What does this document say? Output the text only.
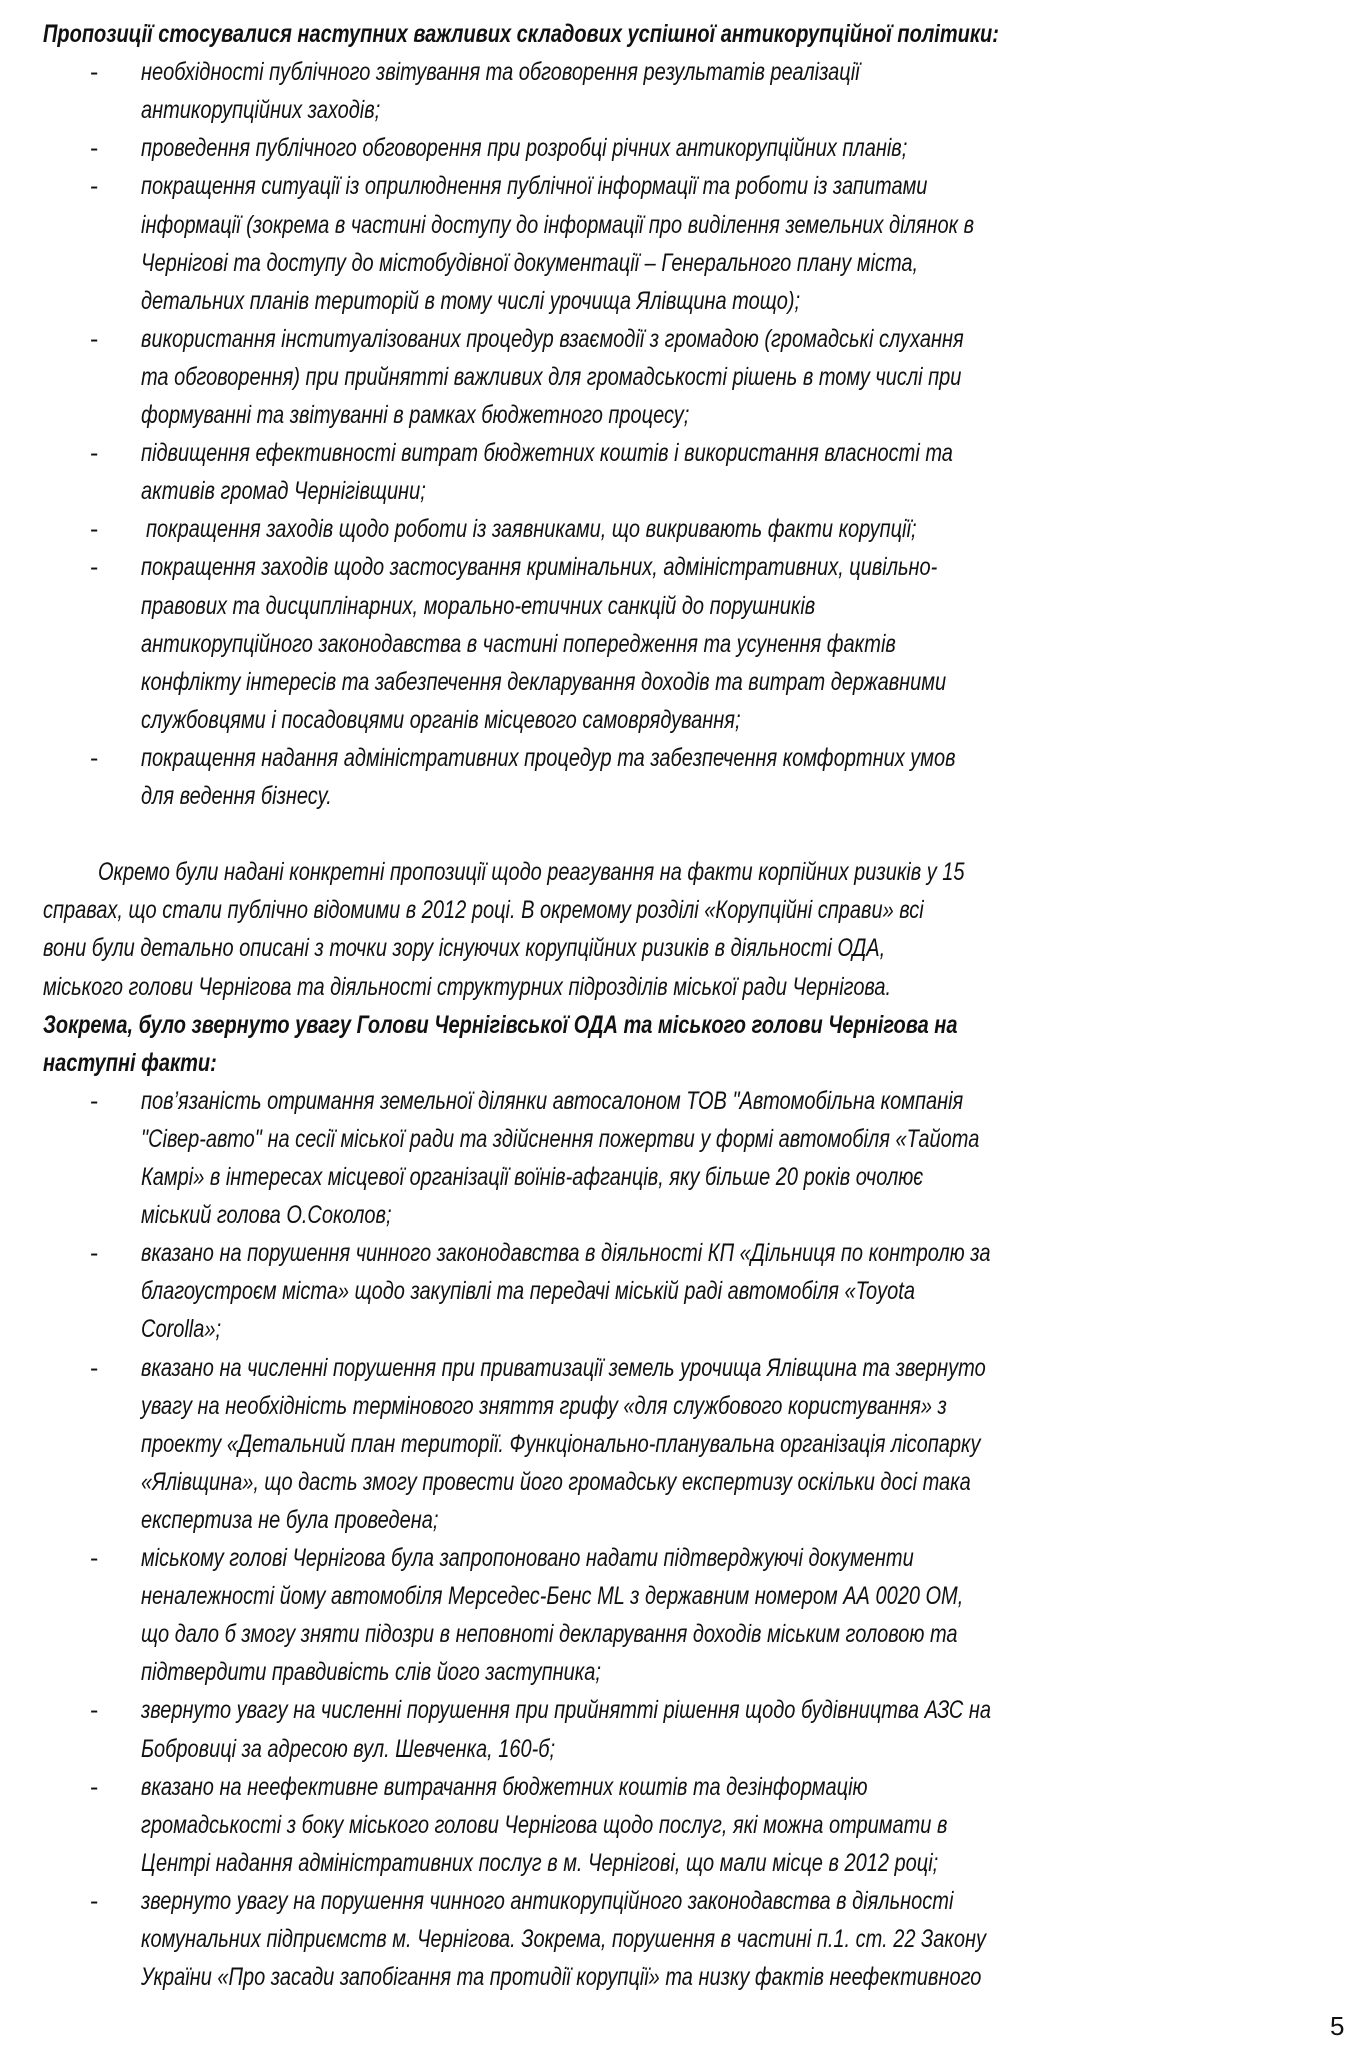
Пропозиції стосувалися наступних важливих складових успішної антикорупційної політики:
- необхідності публічного звітування та обговорення результатів реалізації
антикорупційних заходів;
- проведення публічного обговорення при розробці річних антикорупційних планів;
- покращення ситуації із оприлюднення публічної інформації та роботи із запитами
інформації (зокрема в частині доступу до інформації про виділення земельних ділянок в
Чернігові та доступу до містобудівної документації – Генерального плану міста,
детальних планів територій в тому числі урочища Ялівщина тощо);
- використання інституалізованих процедур взаємодії з громадою (громадські слухання
та обговорення) при прийнятті важливих для громадськості рішень в тому числі при
формуванні та звітуванні в рамках бюджетного процесу;
- підвищення ефективності витрат бюджетних коштів і використання власності та
активів громад Чернігівщини;
- покращення заходів щодо роботи із заявниками, що викривають факти корупції;
- покращення заходів щодо застосування кримінальних, адміністративних, цивільно-
правових та дисциплінарних, морально-етичних санкцій до порушників
антикорупційного законодавства в частині попередження та усунення фактів
конфлікту інтересів та забезпечення декларування доходів та витрат державними
службовцями і посадовцями органів місцевого самоврядування;
- покращення надання адміністративних процедур та забезпечення комфортних умов
для ведення бізнесу.
Окремо були надані конкретні пропозиції щодо реагування на факти корпійних ризиків у 15
справах, що стали публічно відомими в 2012 році. В окремому розділі «Корупційні справи» всі
вони були детально описані з точки зору існуючих корупційних ризиків в діяльності ОДА,
міського голови Чернігова та діяльності структурних підрозділів міської ради Чернігова.
Зокрема, було звернуто увагу Голови Чернігівської ОДА та міського голови Чернігова на
наступні факти:
- пов’язаність отримання земельної ділянки автосалоном ТОВ "Автомобільна компанія
"Сівер-авто" на сесії міської ради та здійснення пожертви у формі автомобіля «Тайота
Камрі» в інтересах місцевої організації воїнів-афганців, яку більше 20 років очолює
міський голова О.Соколов;
- вказано на порушення чинного законодавства в діяльності КП «Дільниця по контролю за
благоустроєм міста» щодо закупівлі та передачі міській раді автомобіля «Toyota
Corolla»;
- вказано на численні порушення при приватизації земель урочища Ялівщина та звернуто
увагу на необхідність термінового зняття грифу «для службового користування» з
проекту «Детальний план території. Функціонально-планувальна організація лісопарку
«Ялівщина», що дасть змогу провести його громадську експертизу оскільки досі така
експертиза не була проведена;
- міському голові Чернігова була запропоновано надати підтверджуючі документи
неналежності йому автомобіля Мерседес-Бенс ML з державним номером АА 0020 ОМ,
що дало б змогу зняти підозри в неповноті декларування доходів міським головою та
підтвердити правдивість слів його заступника;
- звернуто увагу на численні порушення при прийнятті рішення щодо будівництва АЗС на
Бобровиці за адресою вул. Шевченка, 160-б;
- вказано на неефективне витрачання бюджетних коштів та дезінформацію
громадськості з боку міського голови Чернігова щодо послуг, які можна отримати в
Центрі надання адміністративних послуг в м. Чернігові, що мали місце в 2012 році;
- звернуто увагу на порушення чинного антикорупційного законодавства в діяльності
комунальних підприємств м. Чернігова. Зокрема, порушення в частині п.1. ст. 22 Закону
України «Про засади запобігання та протидії корупції» та низку фактів неефективного
5
